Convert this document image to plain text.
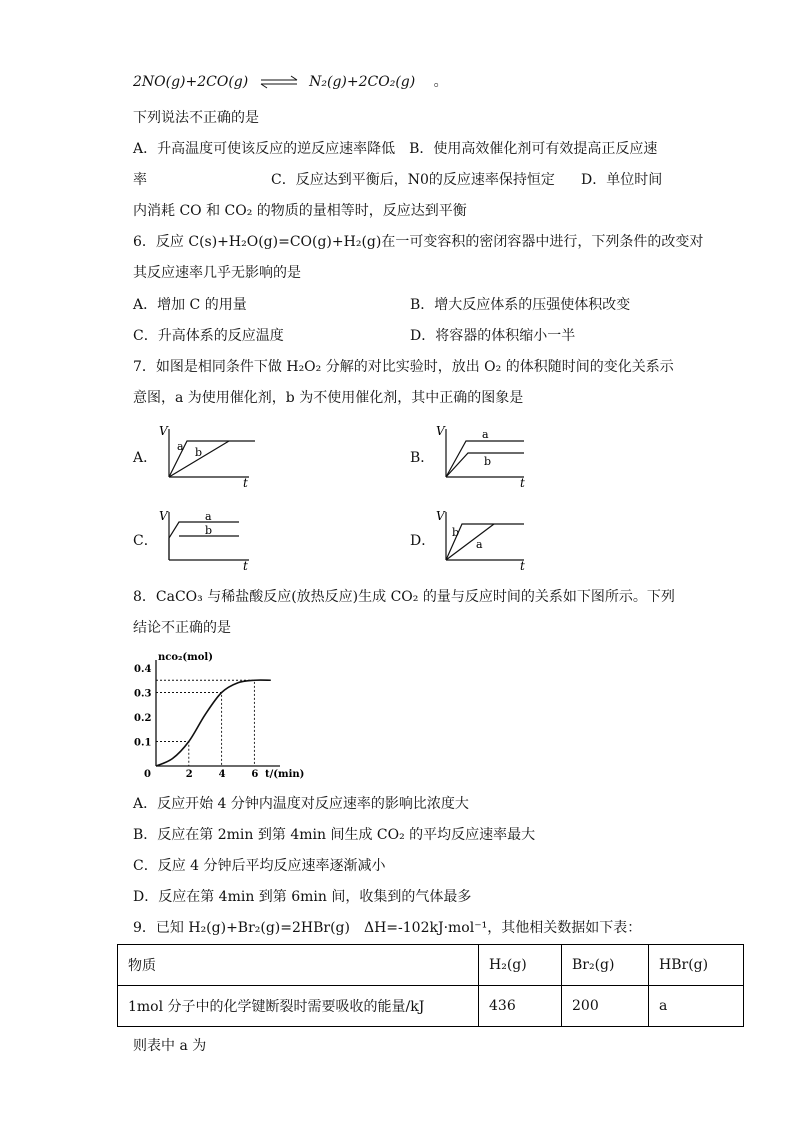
2NO(g)+2CO(g) ⇌ N₂(g)+2CO₂(g) 。
下列说法不正确的是
A．升高温度可使该反应的逆反应速率降低　B．使用高效催化剂可有效提高正反应速
率	C．反应达到平衡后，N0的反应速率保持恒定 D．单位时间
内消耗 CO 和 CO₂ 的物质的量相等时，反应达到平衡
6．反应 C(s)+H₂O(g)=CO(g)+H₂(g)在一可变容积的密闭容器中进行，下列条件的改变对
其反应速率几乎无影响的是
A．增加 C 的用量	B．增大反应体系的压强使体积改变
C．升高体系的反应温度	D．将容器的体积缩小一半
7．如图是相同条件下做 H₂O₂ 分解的对比实验时，放出 O₂ 的体积随时间的变化关系示
意图，a 为使用催化剂，b 为不使用催化剂，其中正确的图象是
A．
V
t
a b	B．
V
t
a
b
C．
V
t
a
b
D．
V
t
b
a
8．CaCO₃ 与稀盐酸反应(放热反应)生成 CO₂ 的量与反应时间的关系如下图所示。下列
结论不正确的是
nco₂(mol)
t/(min)
0.1
0.2
0.3
0.4
0	2	4	6
A．反应开始 4 分钟内温度对反应速率的影响比浓度大
B．反应在第 2min 到第 4min 间生成 CO₂ 的平均反应速率最大
C．反应 4 分钟后平均反应速率逐渐减小
D．反应在第 4min 到第 6min 间，收集到的气体最多
9．已知 H₂(g)+Br₂(g)=2HBr(g)　ΔH=-102kJ·mol⁻¹，其他相关数据如下表：
物质	H₂(g)	Br₂(g)	HBr(g)
1mol 分子中的化学键断裂时需要吸收的能量/kJ	436	200	a
则表中 a 为
